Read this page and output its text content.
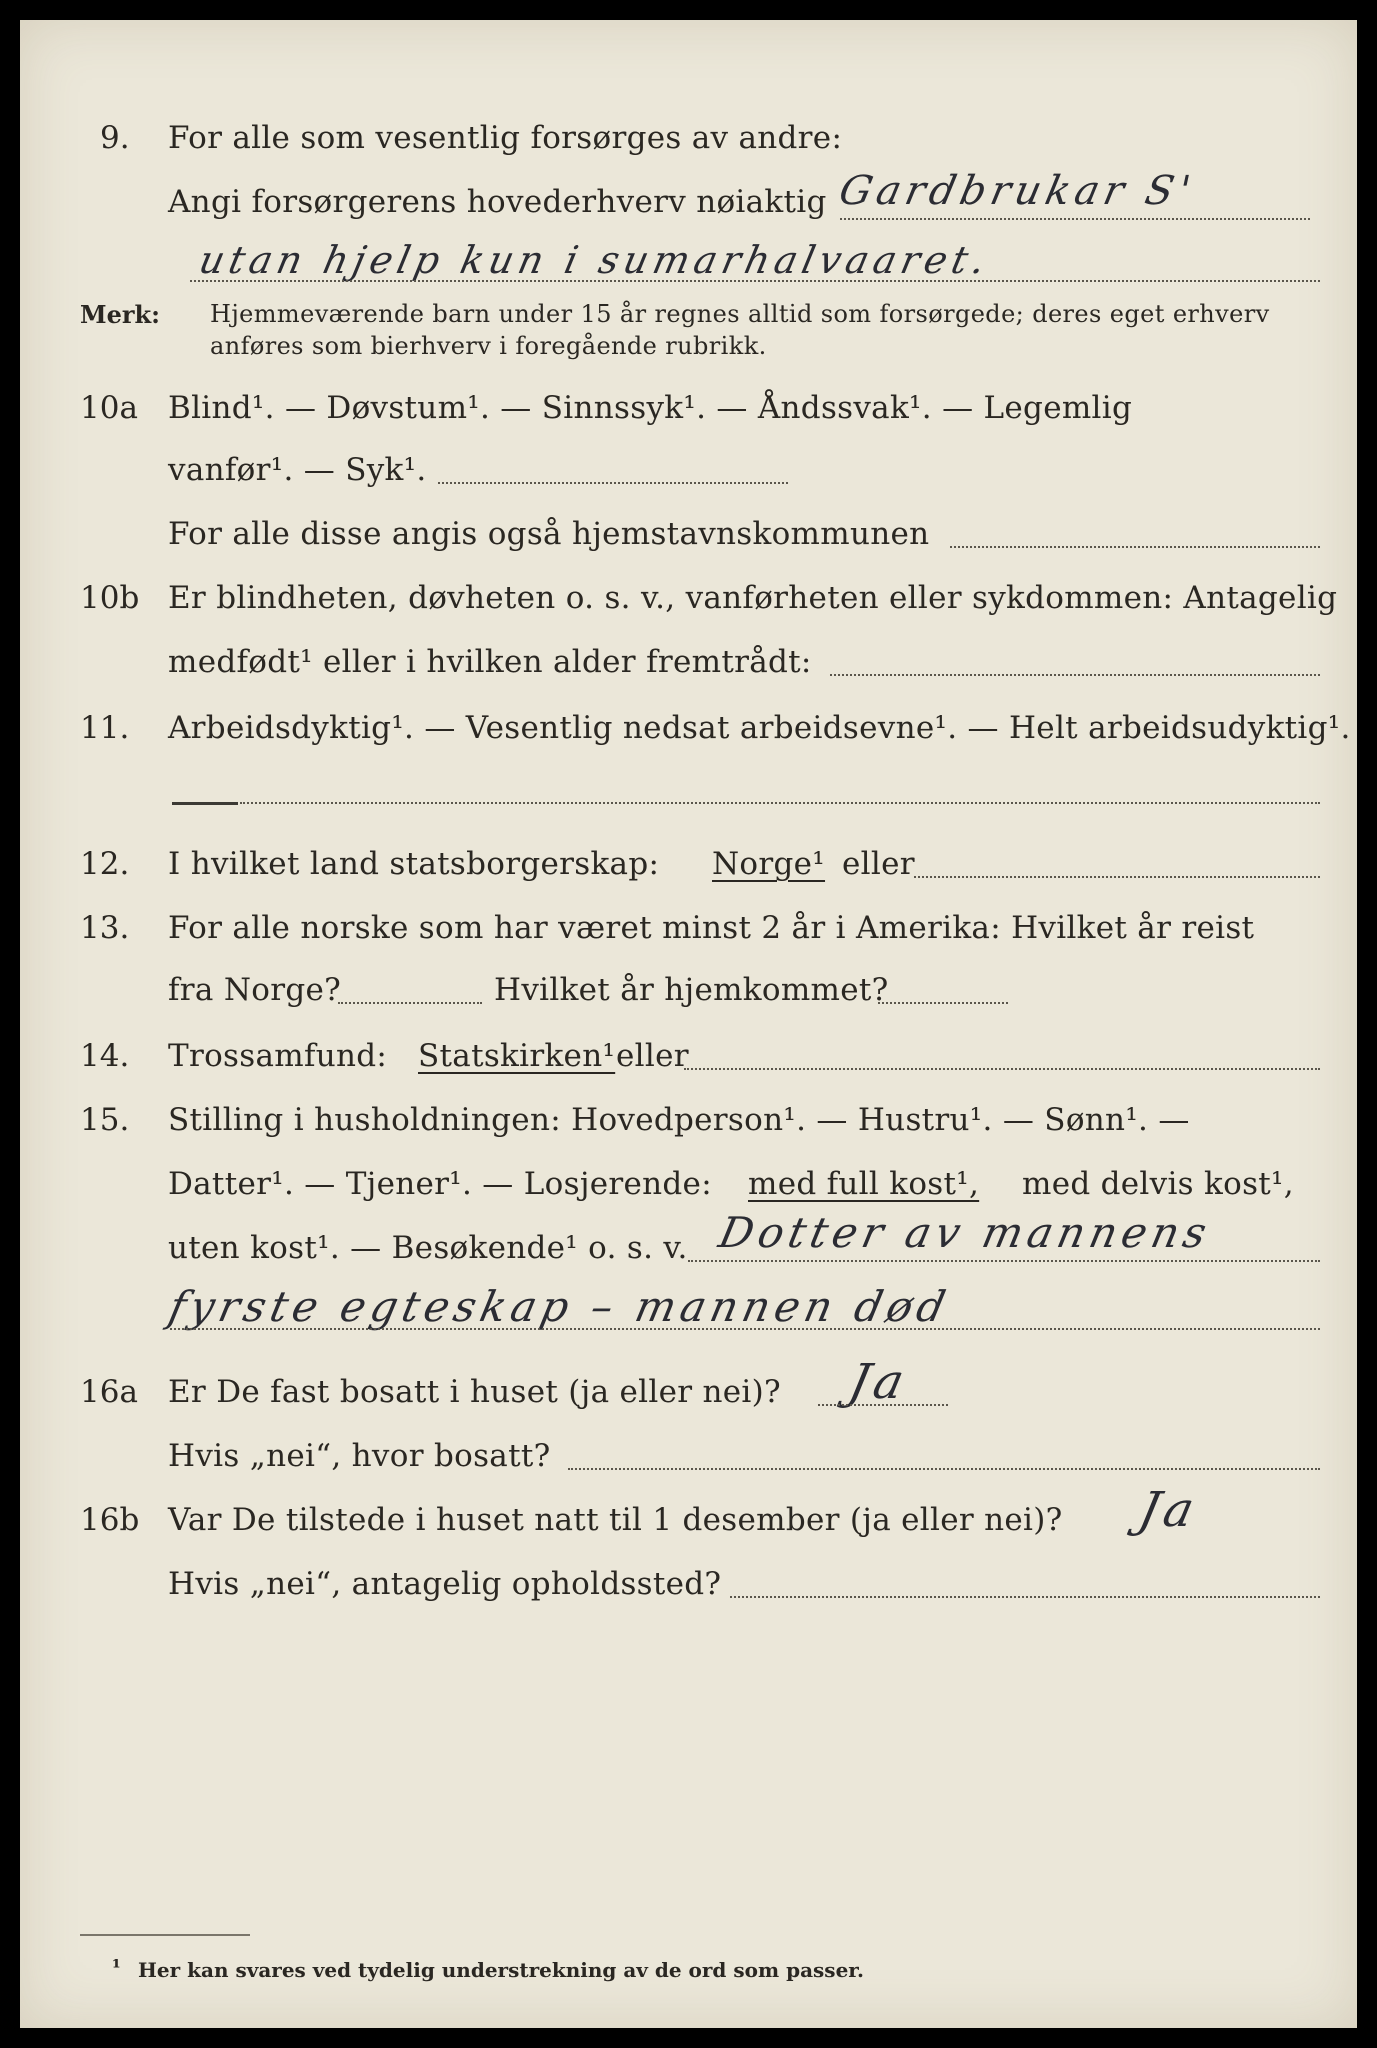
9. For alle som vesentlig forsørges av andre:
Angi forsørgerens hovederhverv nøiaktig Gardbrukar S'
utan hjelp kun i sumarhalvaaret.
Merk: Hjemmeværende barn under 15 år regnes alltid som forsørgede; deres eget erhverv
anføres som bierhverv i foregående rubrikk.
10a Blind¹. — Døvstum¹. — Sinnssyk¹. — Åndssvak¹. — Legemlig
vanfør¹. — Syk¹.
For alle disse angis også hjemstavnskommunen
10b Er blindheten, døvheten o. s. v., vanførheten eller sykdommen: Antagelig
medfødt¹ eller i hvilken alder fremtrådt:
11. Arbeidsdyktig¹. — Vesentlig nedsat arbeidsevne¹. — Helt arbeidsudyktig¹.
12. I hvilket land statsborgerskap: Norge¹ eller
13. For alle norske som har været minst 2 år i Amerika: Hvilket år reist
fra Norge?	Hvilket år hjemkommet?
14. Trossamfund: Statskirken¹ eller
15. Stilling i husholdningen: Hovedperson¹. — Hustru¹. — Sønn¹. —
Datter¹. — Tjener¹. — Losjerende: med full kost¹, med delvis kost¹,
uten kost¹. — Besøkende¹ o. s. v. Dotter av mannens
fyrste egteskap – mannen død
16a Er De fast bosatt i huset (ja eller nei)? Ja
Hvis „nei“, hvor bosatt?
16b Var De tilstede i huset natt til 1 desember (ja eller nei)? Ja
Hvis „nei“, antagelig opholdssted?
¹ Her kan svares ved tydelig understrekning av de ord som passer.
